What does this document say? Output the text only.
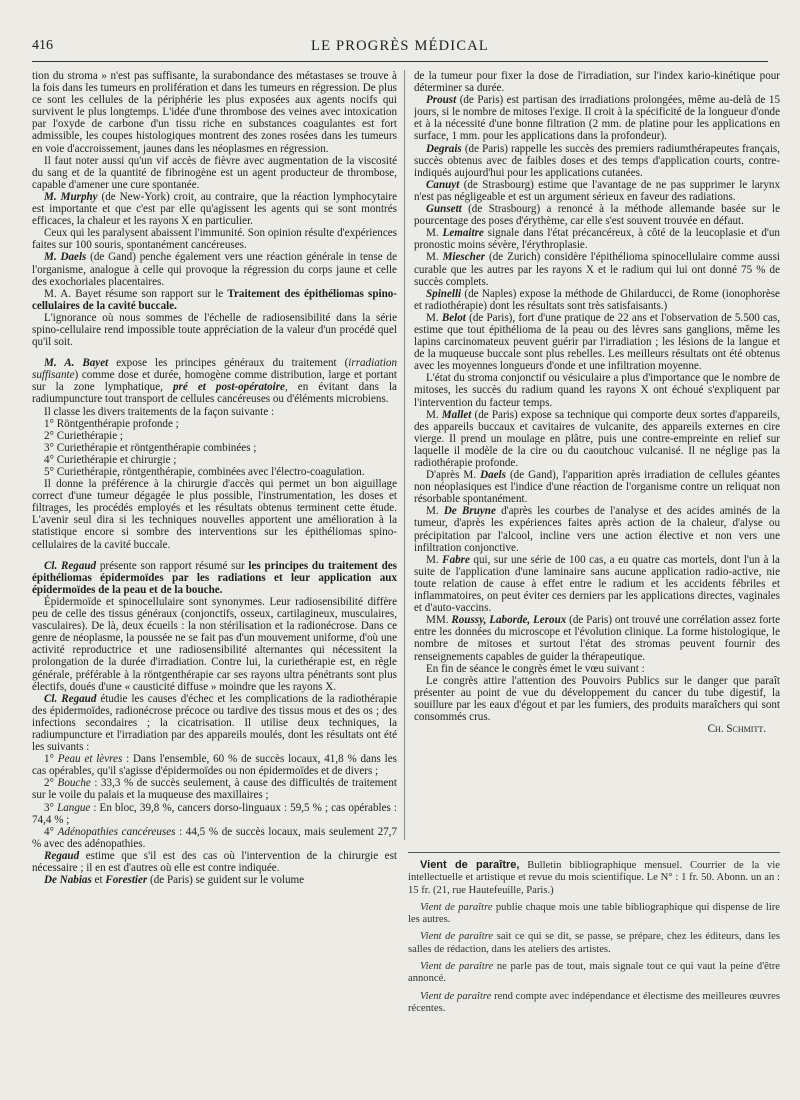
416	LE PROGRÈS MÉDICAL

tion du stroma » n'est pas suffisante, la surabondance des métastases se trouve à la fois dans les tumeurs en prolifération et dans les tumeurs en régression. De plus ce sont les cellules de la périphérie les plus exposées aux agents nocifs qui survivent le plus longtemps. L'idée d'une thrombose des veines avec intoxication par l'oxyde de carbone d'un tissu riche en substances coagulantes est fort admissible, les coupes histologiques montrent des zones rosées dans les tumeurs en voie d'accroissement, jaunes dans les néoplasmes en régression.

Il faut noter aussi qu'un vif accès de fièvre avec augmentation de la viscosité du sang et de la quantité de fibrinogène est un agent producteur de thrombose, capable d'amener une cure spontanée.

M. Murphy (de New-York) croit, au contraire, que la réaction lymphocytaire est importante et que c'est par elle qu'agissent les agents qui se sont montrés efficaces, la chaleur et les rayons X en particulier.

Ceux qui les paralysent abaissent l'immunité. Son opinion résulte d'expériences faites sur 100 souris, spontanément cancéreuses.

M. Daels (de Gand) penche également vers une réaction générale in tense de l'organisme, analogue à celle qui provoque la régression du corps jaune et celle des exochoriales placentaires.

M. A. Bayet résume son rapport sur le Traitement des épithéliomas spino-cellulaires de la cavité buccale.

L'ignorance où nous sommes de l'échelle de radiosensibilité dans la série spino-cellulaire rend impossible toute appréciation de la valeur d'un procédé quel qu'il soit.

M. A. Bayet expose les principes généraux du traitement (irradiation suffisante) comme dose et durée, homogène comme distribution, large et portant sur la zone lymphatique, pré et post-opératoire, en évitant dans la radiumpuncture tout transport de cellules cancéreuses ou d'éléments microbiens.

Il classe les divers traitements de la façon suivante :

1° Röntgenthérapie profonde ;

2° Curiethérapie ;

3° Curiethérapie et röntgenthérapie combinées ;

4° Curiethérapie et chirurgie ;

5° Curiethérapie, röntgenthérapie, combinées avec l'électro-coagulation.

Il donne la préférence à la chirurgie d'accès qui permet un bon aiguillage correct d'une tumeur dégagée le plus possible, l'instrumentation, les doses et filtrages, les procédés employés et les résultats obtenus terminent cette étude. L'avenir seul dira si les techniques nouvelles apportent une amélioration à la statistique encore si sombre des interventions sur les épithéliomas spino-cellulaires de la cavité buccale.

Cl. Regaud présente son rapport résumé sur les principes du traitement des épithéliomas épidermoïdes par les radiations et leur application aux épidermoïdes de la peau et de la bouche.

Épidermoïde et spinocellulaire sont synonymes. Leur radiosensibilité diffère peu de celle des tissus généraux (conjonctifs, osseux, cartilagineux, musculaires, vasculaires). De là, deux écueils : la non stérilisation et la radionécrose. Dans ce genre de néoplasme, la poussée ne se fait pas d'un mouvement uniforme, d'où une activité reproductrice et une radiosensibilité alternantes qui nécessitent la prolongation de la durée d'irradiation. Contre lui, la curiethérapie est, en règle générale, préférable à la röntgenthérapie car ses rayons ultra pénétrants sont plus électifs, doués d'une « causticité diffuse » moindre que les rayons X.

Cl. Regaud étudie les causes d'échec et les complications de la radiothérapie des épidermoïdes, radionécrose précoce ou tardive des tissus mous et des os ; des infections secondaires ; la cicatrisation. Il utilise deux techniques, la radiumpuncture et l'irradiation par des appareils moulés, dont les résultats ont été les suivants :

1° Peau et lèvres : Dans l'ensemble, 60 % de succès locaux, 41,8 % dans les cas opérables, qu'il s'agisse d'épidermoïdes ou non épidermoïdes et de divers ;

2° Bouche : 33,3 % de succès seulement, à cause des difficultés de traitement sur le voile du palais et la muqueuse des maxillaires ;

3° Langue : En bloc, 39,8 %, cancers dorso-linguaux : 59,5 % ; cas opérables : 74,4 % ;

4° Adénopathies cancéreuses : 44,5 % de succès locaux, mais seulement 27,7 % avec des adénopathies.

Regaud estime que s'il est des cas où l'intervention de la chirurgie est nécessaire ; il en est d'autres où elle est contre indiquée.

De Nabias et Forestier (de Paris) se guident sur le volume

de la tumeur pour fixer la dose de l'irradiation, sur l'index kario-kinétique pour déterminer sa durée.

Proust (de Paris) est partisan des irradiations prolongées, même au-delà de 15 jours, si le nombre de mitoses l'exige. Il croit à la spécificité de la longueur d'onde et à la nécessité d'une bonne filtration (2 mm. de platine pour les applications en surface, 1 mm. pour les applications dans la profondeur).

Degrais (de Paris) rappelle les succès des premiers radiumthérapeutes français, succès obtenus avec de faibles doses et des temps d'application courts, contre-indiqués aujourd'hui pour les applications cutanées.

Canuyt (de Strasbourg) estime que l'avantage de ne pas supprimer le larynx n'est pas négligeable et est un argument sérieux en faveur des radiations.

Gunsett (de Strasbourg) a renoncé à la méthode allemande basée sur le pourcentage des poses d'érythème, car elle s'est souvent trouvée en défaut.

M. Lemaitre signale dans l'état précancéreux, à côté de la leucoplasie et d'un pronostic moins sévère, l'érythroplasie.

M. Miescher (de Zurich) considère l'épithélioma spinocellulaire comme aussi curable que les autres par les rayons X et le radium qui lui ont donné 75 % de succès complets.

Spinelli (de Naples) expose la méthode de Ghilarducci, de Rome (ionophorèse et radiothérapie) dont les résultats sont très satisfaisants.)

M. Belot (de Paris), fort d'une pratique de 22 ans et l'observation de 5.500 cas, estime que tout épithélioma de la peau ou des lèvres sans ganglions, même les lapins carcinomateux peuvent guérir par l'irradiation ; les lésions de la langue et de la muqueuse buccale sont plus rebelles. Les meilleurs résultats ont été obtenus avec les moyennes longueurs d'onde et une infiltration moyenne.

L'état du stroma conjonctif ou vésiculaire a plus d'importance que le nombre de mitoses, les succès du radium quand les rayons X ont échoué s'expliquent par l'intervention du facteur temps.

M. Mallet (de Paris) expose sa technique qui comporte deux sortes d'appareils, des appareils buccaux et cavitaires de vulcanite, des appareils externes en cire vierge. Il prend un moulage en plâtre, puis une contre-empreinte en relief sur laquelle il modèle de la cire ou du caoutchouc vulcanisé. Il ne néglige pas la radiothérapie profonde.

D'après M. Daels (de Gand), l'apparition après irradiation de cellules géantes non néoplasiques est l'indice d'une réaction de l'organisme contre un reliquat non résorbable spontanément.

M. De Bruyne d'après les courbes de l'analyse et des acides aminés de la tumeur, d'après les expériences faites après action de la chaleur, d'alyse ou précipitation par l'alcool, incline vers une action élective et non vers une infiltration conjonctive.

M. Fabre qui, sur une série de 100 cas, a eu quatre cas mortels, dont l'un à la suite de l'application d'une laminaire sans aucune application radio-active, nie toute relation de cause à effet entre le radium et les accidents fébriles et inflammatoires, on peut éviter ces derniers par les applications directes, vaginales et d'auto-vaccins.

MM. Roussy, Laborde, Leroux (de Paris) ont trouvé une corrélation assez forte entre les données du microscope et l'évolution clinique. La forme histologique, le nombre de mitoses et surtout l'état des stromas peuvent fournir des renseignements capables de guider la thérapeutique.

En fin de séance le congrès émet le vœu suivant :

Le congrès attire l'attention des Pouvoirs Publics sur le danger que paraît présenter au point de vue du développement du cancer du tube digestif, la souillure par les eaux d'égout et par les fumiers, des produits maraîchers qui sont consommés crus.

Ch. Schmitt.

Vient de paraître, Bulletin bibliographique mensuel. Courrier de la vie intellectuelle et artistique et revue du mois scientifique. Le N° : 1 fr. 50. Abonn. un an : 15 fr. (21, rue Hautefeuille, Paris.)

Vient de paraître publie chaque mois une table bibliographique qui dispense de lire les autres.

Vient de paraître sait ce qui se dit, se passe, se prépare, chez les éditeurs, dans les salles de rédaction, dans les ateliers des artistes.

Vient de paraître ne parle pas de tout, mais signale tout ce qui vaut la peine d'être annoncé.

Vient de paraître rend compte avec indépendance et électisme des meilleures œuvres récentes.
